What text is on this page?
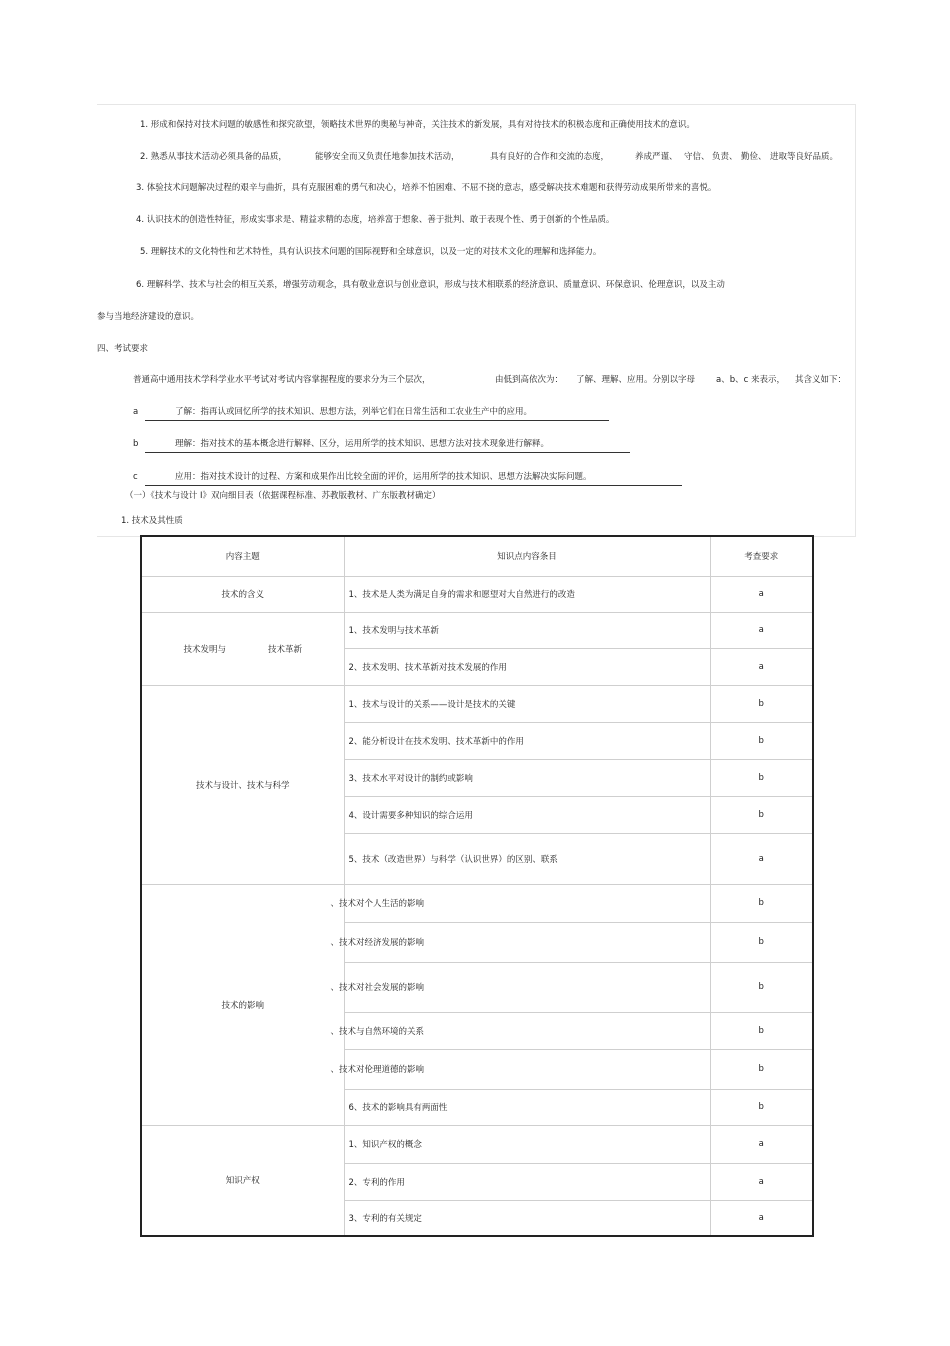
1. 形成和保持对技术问题的敏感性和探究欲望，领略技术世界的奥秘与神奇，关注技术的新发展，具有对待技术的积极态度和正确使用技术的意识。
2. 熟悉从事技术活动必须具备的品质，	能够安全而又负责任地参加技术活动，	具有良好的合作和交流的态度，	养成严谨、 守信、 负责、 勤俭、 进取等良好品质。
3. 体验技术问题解决过程的艰辛与曲折，具有克服困难的勇气和决心，培养不怕困难、不屈不挠的意志，感受解决技术难题和获得劳动成果所带来的喜悦。
4. 认识技术的创造性特征，形成实事求是、精益求精的态度，培养富于想象、善于批判、敢于表现个性、勇于创新的个性品质。
5. 理解技术的文化特性和艺术特性，具有认识技术问题的国际视野和全球意识，以及一定的对技术文化的理解和选择能力。
6. 理解科学、技术与社会的相互关系，增强劳动观念，具有敬业意识与创业意识，形成与技术相联系的经济意识、质量意识、环保意识、伦理意识，以及主动
参与当地经济建设的意识。
四、考试要求
普通高中通用技术学科学业水平考试对考试内容掌握程度的要求分为三个层次，	由低到高依次为： 了解、理解、应用。分别以字母 a、b、c 来表示， 其含义如下：
a	了解：指再认或回忆所学的技术知识、思想方法，列举它们在日常生活和工农业生产中的应用。
b	理解：指对技术的基本概念进行解释、区分，运用所学的技术知识、思想方法对技术现象进行解释。
c	应用：指对技术设计的过程、方案和成果作出比较全面的评价，运用所学的技术知识、思想方法解决实际问题。
（一）《技术与设计 I》双向细目表（依据课程标准、苏教版教材、广东版教材确定）
1. 技术及其性质
内容主题	知识点内容条目	考查要求
技术的含义	1、技术是人类为满足自身的需求和愿望对大自然进行的改造	a
技术发明与 技术革新	1、技术发明与技术革新	a
	2、技术发明、技术革新对技术发展的作用	a
技术与设计、技术与科学	1、技术与设计的关系——设计是技术的关键	b
	2、能分析设计在技术发明、技术革新中的作用	b
	3、技术水平对设计的制约或影响	b
	4、设计需要多种知识的综合运用	b
	5、技术（改造世界）与科学（认识世界）的区别、联系	a
技术的影响	、技术对个人生活的影响	b

	、技术对经济发展的影响	b

	、技术对社会发展的影响	b

	、技术与自然环境的关系	b

	、技术对伦理道德的影响	b
	6、技术的影响具有两面性	b
知识产权	1、知识产权的概念	a
	2、专利的作用	a
	3、专利的有关规定	a
